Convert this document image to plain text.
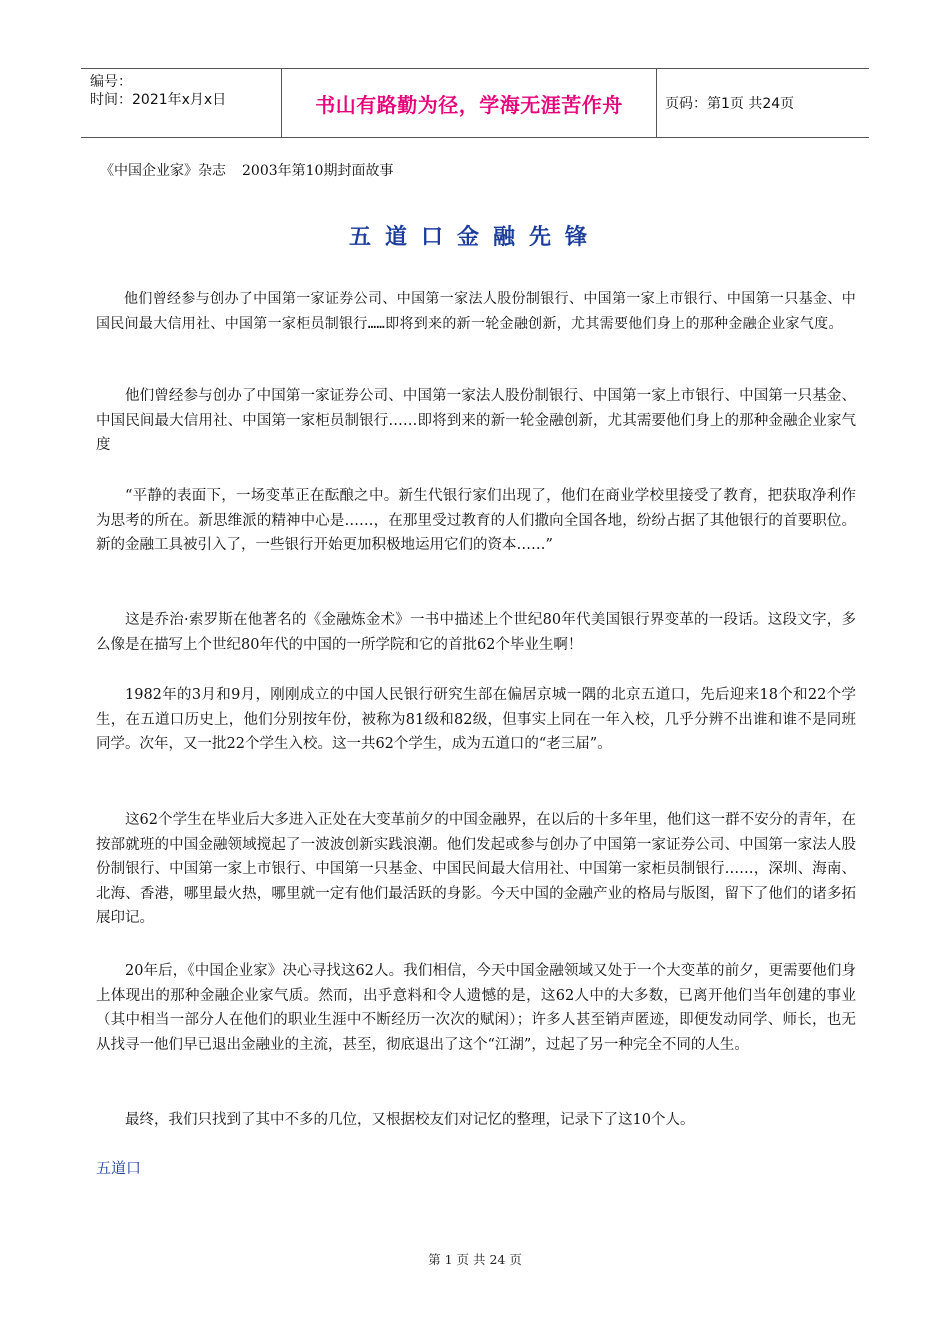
编号：
时间：2021年x月x日	书山有路勤为径，学海无涯苦作舟	页码：第1页 共24页
《中国企业家》杂志 2003年第10期封面故事
五道口金融先锋

他们曾经参与创办了中国第一家证券公司、中国第一家法人股份制银行、中国第一家上市银行、中国第一只基金、中国民间最大信用社、中国第一家柜员制银行……即将到来的新一轮金融创新，尤其需要他们身上的那种金融企业家气度。

他们曾经参与创办了中国第一家证券公司、中国第一家法人股份制银行、中国第一家上市银行、中国第一只基金、中国民间最大信用社、中国第一家柜员制银行……即将到来的新一轮金融创新，尤其需要他们身上的那种金融企业家气度

“平静的表面下，一场变革正在酝酿之中。新生代银行家们出现了，他们在商业学校里接受了教育，把获取净利作为思考的所在。新思维派的精神中心是……，在那里受过教育的人们撒向全国各地，纷纷占据了其他银行的首要职位。新的金融工具被引入了，一些银行开始更加积极地运用它们的资本……”

这是乔治·索罗斯在他著名的《金融炼金术》一书中描述上个世纪80年代美国银行界变革的一段话。这段文字，多么像是在描写上个世纪80年代的中国的一所学院和它的首批62个毕业生啊！

1982年的3月和9月，刚刚成立的中国人民银行研究生部在偏居京城一隅的北京五道口，先后迎来18个和22个学生，在五道口历史上，他们分别按年份，被称为81级和82级，但事实上同在一年入校，几乎分辨不出谁和谁不是同班同学。次年，又一批22个学生入校。这一共62个学生，成为五道口的“老三届”。

这62个学生在毕业后大多进入正处在大变革前夕的中国金融界，在以后的十多年里，他们这一群不安分的青年，在按部就班的中国金融领域搅起了一波波创新实践浪潮。他们发起或参与创办了中国第一家证券公司、中国第一家法人股份制银行、中国第一家上市银行、中国第一只基金、中国民间最大信用社、中国第一家柜员制银行……，深圳、海南、北海、香港，哪里最火热，哪里就一定有他们最活跃的身影。今天中国的金融产业的格局与版图，留下了他们的诸多拓展印记。

20年后，《中国企业家》决心寻找这62人。我们相信，今天中国金融领域又处于一个大变革的前夕，更需要他们身上体现出的那种金融企业家气质。然而，出乎意料和令人遗憾的是，这62人中的大多数，已离开他们当年创建的事业（其中相当一部分人在他们的职业生涯中不断经历一次次的赋闲）；许多人甚至销声匿迹，即便发动同学、师长，也无从找寻一他们早已退出金融业的主流，甚至，彻底退出了这个“江湖”，过起了另一种完全不同的人生。

最终，我们只找到了其中不多的几位，又根据校友们对记忆的整理，记录下了这10个人。

五道口
第 1 页 共 24 页
